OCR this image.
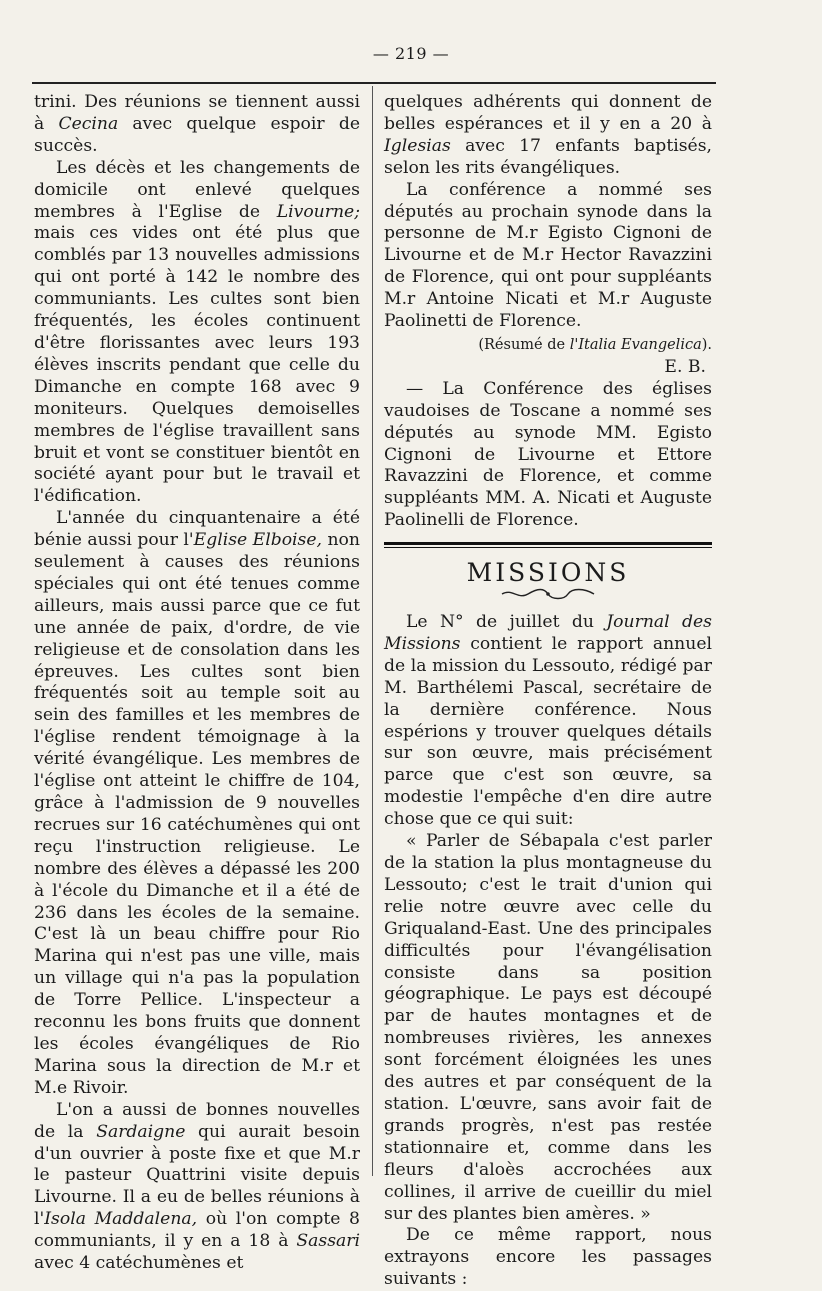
— 219 —

trini. Des réunions se tiennent aussi à Cecina avec quelque espoir de succès.

Les décès et les changements de domicile ont enlevé quelques membres à l'Eglise de Livourne; mais ces vides ont été plus que comblés par 13 nouvelles admissions qui ont porté à 142 le nombre des communiants. Les cultes sont bien fréquentés, les écoles continuent d'être florissantes avec leurs 193 élèves inscrits pendant que celle du Dimanche en compte 168 avec 9 moniteurs. Quelques demoiselles membres de l'église travaillent sans bruit et vont se constituer bientôt en société ayant pour but le travail et l'édification.

L'année du cinquantenaire a été bénie aussi pour l'Eglise Elboise, non seulement à causes des réunions spéciales qui ont été tenues comme ailleurs, mais aussi parce que ce fut une année de paix, d'ordre, de vie religieuse et de consolation dans les épreuves. Les cultes sont bien fréquentés soit au temple soit au sein des familles et les membres de l'église rendent témoignage à la vérité évangélique. Les membres de l'église ont atteint le chiffre de 104, grâce à l'admission de 9 nouvelles recrues sur 16 catéchumènes qui ont reçu l'instruction religieuse. Le nombre des élèves a dépassé les 200 à l'école du Dimanche et il a été de 236 dans les écoles de la semaine. C'est là un beau chiffre pour Rio Marina qui n'est pas une ville, mais un village qui n'a pas la population de Torre Pellice. L'inspecteur a reconnu les bons fruits que donnent les écoles évangéliques de Rio Marina sous la direction de M.r et M.e Rivoir.

L'on a aussi de bonnes nouvelles de la Sardaigne qui aurait besoin d'un ouvrier à poste fixe et que M.r le pasteur Quattrini visite depuis Livourne. Il a eu de belles réunions à l'Isola Maddalena, où l'on compte 8 communiants, il y en a 18 à Sassari avec 4 catéchumènes et

quelques adhérents qui donnent de belles espérances et il y en a 20 à Iglesias avec 17 enfants baptisés, selon les rits évangéliques.

La conférence a nommé ses députés au prochain synode dans la personne de M.r Egisto Cignoni de Livourne et de M.r Hector Ravazzini de Florence, qui ont pour suppléants M.r Antoine Nicati et M.r Auguste Paolinetti de Florence.

(Résumé de l'Italia Evangelica).

E. B.

— La Conférence des églises vaudoises de Toscane a nommé ses députés au synode MM. Egisto Cignoni de Livourne et Ettore Ravazzini de Florence, et comme suppléants MM. A. Nicati et Auguste Paolinelli de Florence.

MISSIONS

Le N° de juillet du Journal des Missions contient le rapport annuel de la mission du Lessouto, rédigé par M. Barthélemi Pascal, secrétaire de la dernière conférence. Nous espérions y trouver quelques détails sur son œuvre, mais précisément parce que c'est son œuvre, sa modestie l'empêche d'en dire autre chose que ce qui suit:

« Parler de Sébapala c'est parler de la station la plus montagneuse du Lessouto; c'est le trait d'union qui relie notre œuvre avec celle du Griqualand-East. Une des principales difficultés pour l'évangélisation consiste dans sa position géographique. Le pays est découpé par de hautes montagnes et de nombreuses rivières, les annexes sont forcément éloignées les unes des autres et par conséquent de la station. L'œuvre, sans avoir fait de grands progrès, n'est pas restée stationnaire et, comme dans les fleurs d'aloès accrochées aux collines, il arrive de cueillir du miel sur des plantes bien amères. »

De ce même rapport, nous extrayons encore les passages suivants :
